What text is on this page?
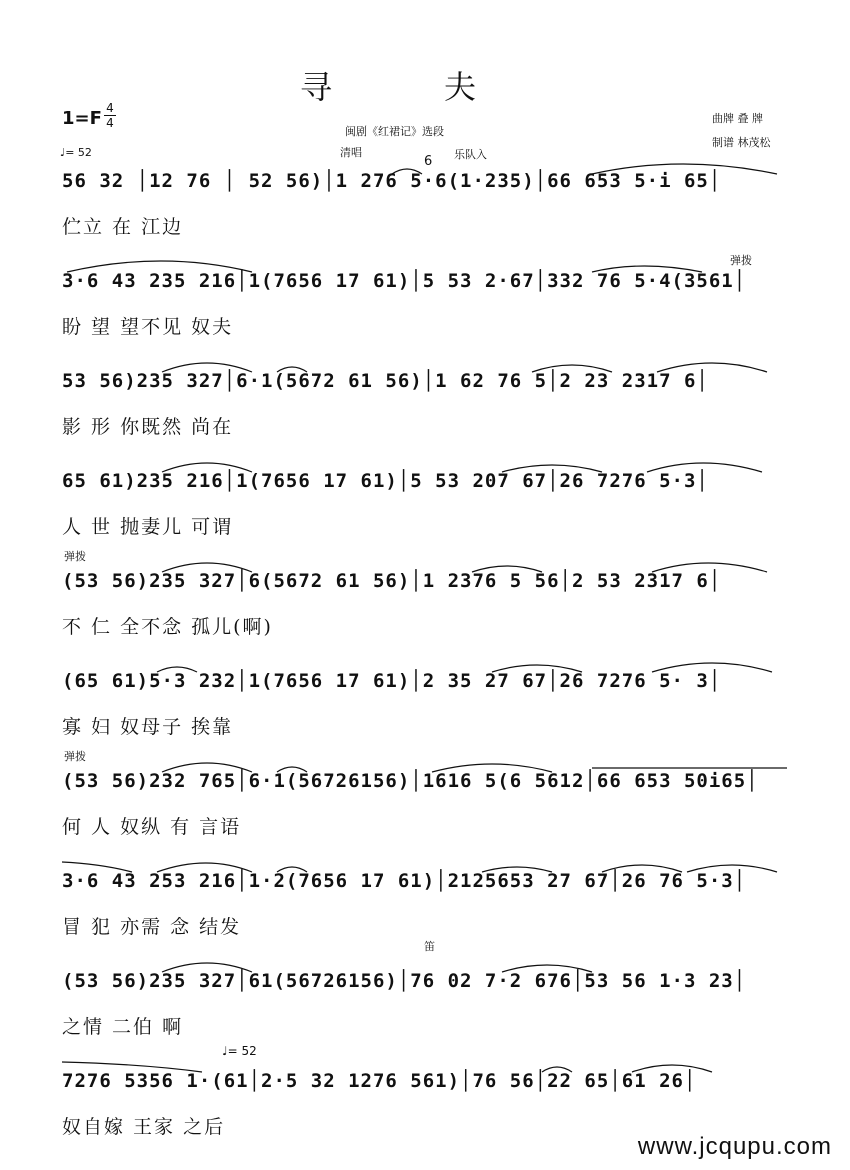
寻　　　夫
闽剧《红裙记》选段
1=F 4
4
♩= 52
曲牌 叠 牌
制谱 林茂松
清唱
6 乐队入
56 32 │12 76 │ 52 56)│1 276 5·6(1·235)│66 653 5·i 65│
伫立 在 江边
弹拨
3·6 43 235 216│1(7656 17 61)│5 53 2·67│332 76 5·4(3561│
盼 望 望不见 奴夫
53 56)235 327│6·1(5672 61 56)│1 62 76 5│2 23 2317 6│
影 形 你既然 尚在
65 61)235 216│1(7656 17 61)│5 53 207 67│26 7276 5·3│
人 世 抛妻儿 可谓
弹拨
(53 56)235 327│6(5672 61 56)│1 2376 5 56│2 53 2317 6│
不 仁 全不念 孤儿(啊)
(65 61)5·3 232│1(7656 17 61)│2 35 27 67│26 7276 5· 3│
寡 妇 奴母子 挨靠
弹拨
(53 56)232 765│6·1(56726156)│1616 5(6 5612│66 653 50i65│
何 人 奴纵 有 言语
3·6 43 253 216│1·2(7656 17 61)│2125653 27 67│26 76 5·3│
冒 犯 亦需 念 结发
笛
(53 56)235 327│61(56726156)│76 02 7·2 676│53 56 1·3 23│
之情 二伯 啊
♩= 52
7276 5356 1·(61│2·5 32 1276 561)│76 56│22 65│61 26│
奴自嫁 王家 之后
www.jcqupu.com
